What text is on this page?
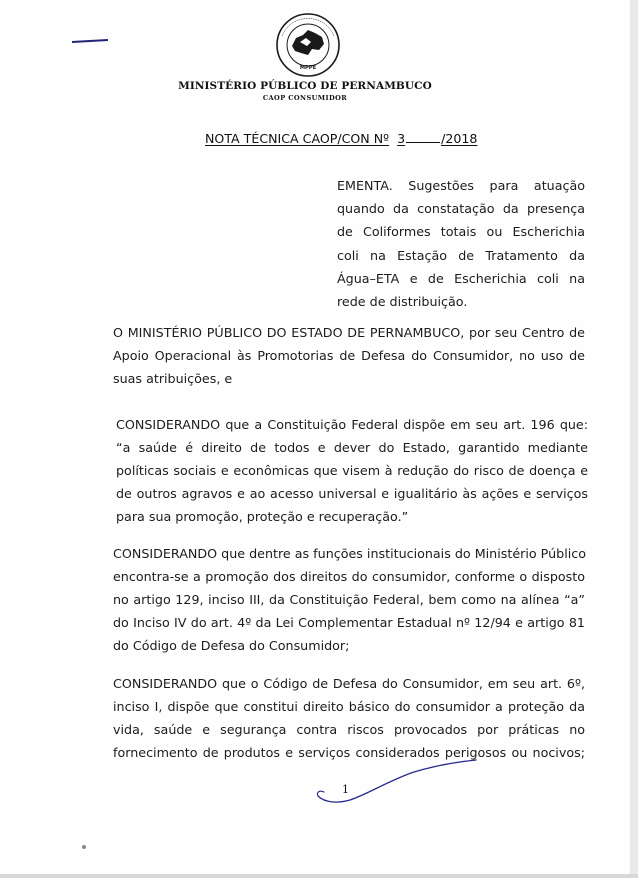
MPPE
MINISTÉRIO PÚBLICO DE PERNAMBUCO
CAOP CONSUMIDOR
NOTA TÉCNICA CAOP/CON Nº 3	/2018
EMENTA. Sugestões para atuação
quando da constatação da presença
de Coliformes totais ou Escherichia
coli na Estação de Tratamento da
Água–ETA e de Escherichia coli na
rede de distribuição.
O MINISTÉRIO PÚBLICO DO ESTADO DE PERNAMBUCO, por seu Centro de
Apoio Operacional às Promotorias de Defesa do Consumidor, no uso de
suas atribuições, e
CONSIDERANDO que a Constituição Federal dispõe em seu art. 196 que:
“a saúde é direito de todos e dever do Estado, garantido mediante
políticas sociais e econômicas que visem à redução do risco de doença e
de outros agravos e ao acesso universal e igualitário às ações e serviços
para sua promoção, proteção e recuperação.”
CONSIDERANDO que dentre as funções institucionais do Ministério Público
encontra-se a promoção dos direitos do consumidor, conforme o disposto
no artigo 129, inciso III, da Constituição Federal, bem como na alínea “a”
do Inciso IV do art. 4º da Lei Complementar Estadual nº 12/94 e artigo 81
do Código de Defesa do Consumidor;
CONSIDERANDO que o Código de Defesa do Consumidor, em seu art. 6º,
inciso I, dispõe que constitui direito básico do consumidor a proteção da
vida, saúde e segurança contra riscos provocados por práticas no
fornecimento de produtos e serviços considerados perigosos ou nocivos;
1
